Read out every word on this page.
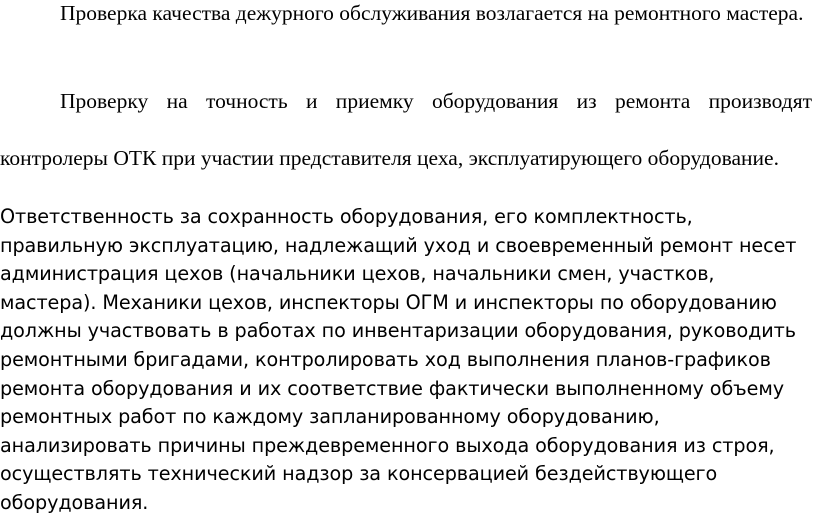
Проверка качества дежурного обслуживания возлагается на ремонтного мастера.

Проверку на точность и приемку оборудования из ремонта производят контролеры ОТК при участии представителя цеха, эксплуатирующего оборудование.

Ответственность за сохранность оборудования, его комплектность,
правильную эксплуатацию, надлежащий уход и своевременный ремонт несет
администрация цехов (начальники цехов, начальники смен, участков,
мастера). Механики цехов, инспекторы ОГМ и инспекторы по оборудованию
должны участвовать в работах по инвентаризации оборудования, руководить
ремонтными бригадами, контролировать ход выполнения планов-графиков
ремонта оборудования и их соответствие фактически выполненному объему
ремонтных работ по каждому запланированному оборудованию,
анализировать причины преждевременного выхода оборудования из строя,
осуществлять технический надзор за консервацией бездействующего
оборудования.
